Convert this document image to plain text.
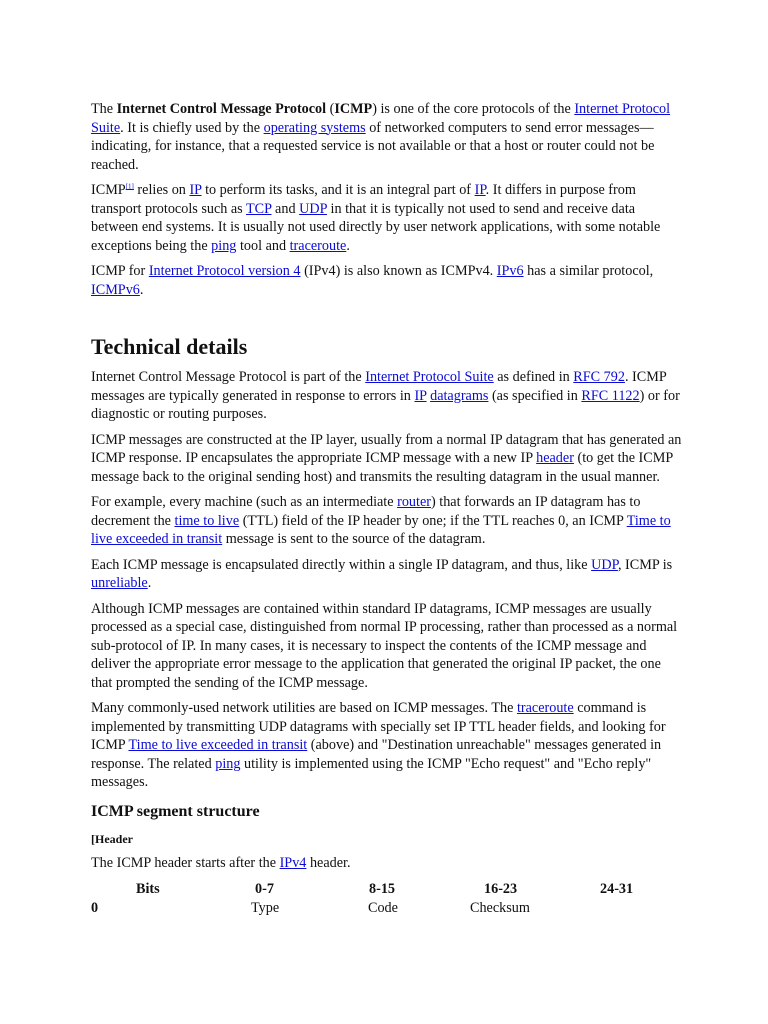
The Internet Control Message Protocol (ICMP) is one of the core protocols of the Internet Protocol Suite. It is chiefly used by the operating systems of networked computers to send error messages—indicating, for instance, that a requested service is not available or that a host or router could not be reached.

ICMP[1] relies on IP to perform its tasks, and it is an integral part of IP. It differs in purpose from transport protocols such as TCP and UDP in that it is typically not used to send and receive data between end systems. It is usually not used directly by user network applications, with some notable exceptions being the ping tool and traceroute.

ICMP for Internet Protocol version 4 (IPv4) is also known as ICMPv4. IPv6 has a similar protocol, ICMPv6.

Technical details

Internet Control Message Protocol is part of the Internet Protocol Suite as defined in RFC 792. ICMP messages are typically generated in response to errors in IP datagrams (as specified in RFC 1122) or for diagnostic or routing purposes.

ICMP messages are constructed at the IP layer, usually from a normal IP datagram that has generated an ICMP response. IP encapsulates the appropriate ICMP message with a new IP header (to get the ICMP message back to the original sending host) and transmits the resulting datagram in the usual manner.

For example, every machine (such as an intermediate router) that forwards an IP datagram has to decrement the time to live (TTL) field of the IP header by one; if the TTL reaches 0, an ICMP Time to live exceeded in transit message is sent to the source of the datagram.

Each ICMP message is encapsulated directly within a single IP datagram, and thus, like UDP, ICMP is unreliable.

Although ICMP messages are contained within standard IP datagrams, ICMP messages are usually processed as a special case, distinguished from normal IP processing, rather than processed as a normal sub-protocol of IP. In many cases, it is necessary to inspect the contents of the ICMP message and deliver the appropriate error message to the application that generated the original IP packet, the one that prompted the sending of the ICMP message.

Many commonly-used network utilities are based on ICMP messages. The traceroute command is implemented by transmitting UDP datagrams with specially set IP TTL header fields, and looking for ICMP Time to live exceeded in transit (above) and "Destination unreachable" messages generated in response. The related ping utility is implemented using the ICMP "Echo request" and "Echo reply" messages.

ICMP segment structure
[Header

The ICMP header starts after the IPv4 header.

Bits	0-7	8-15	16-23	24-31
0	Type	Code	Checksum
